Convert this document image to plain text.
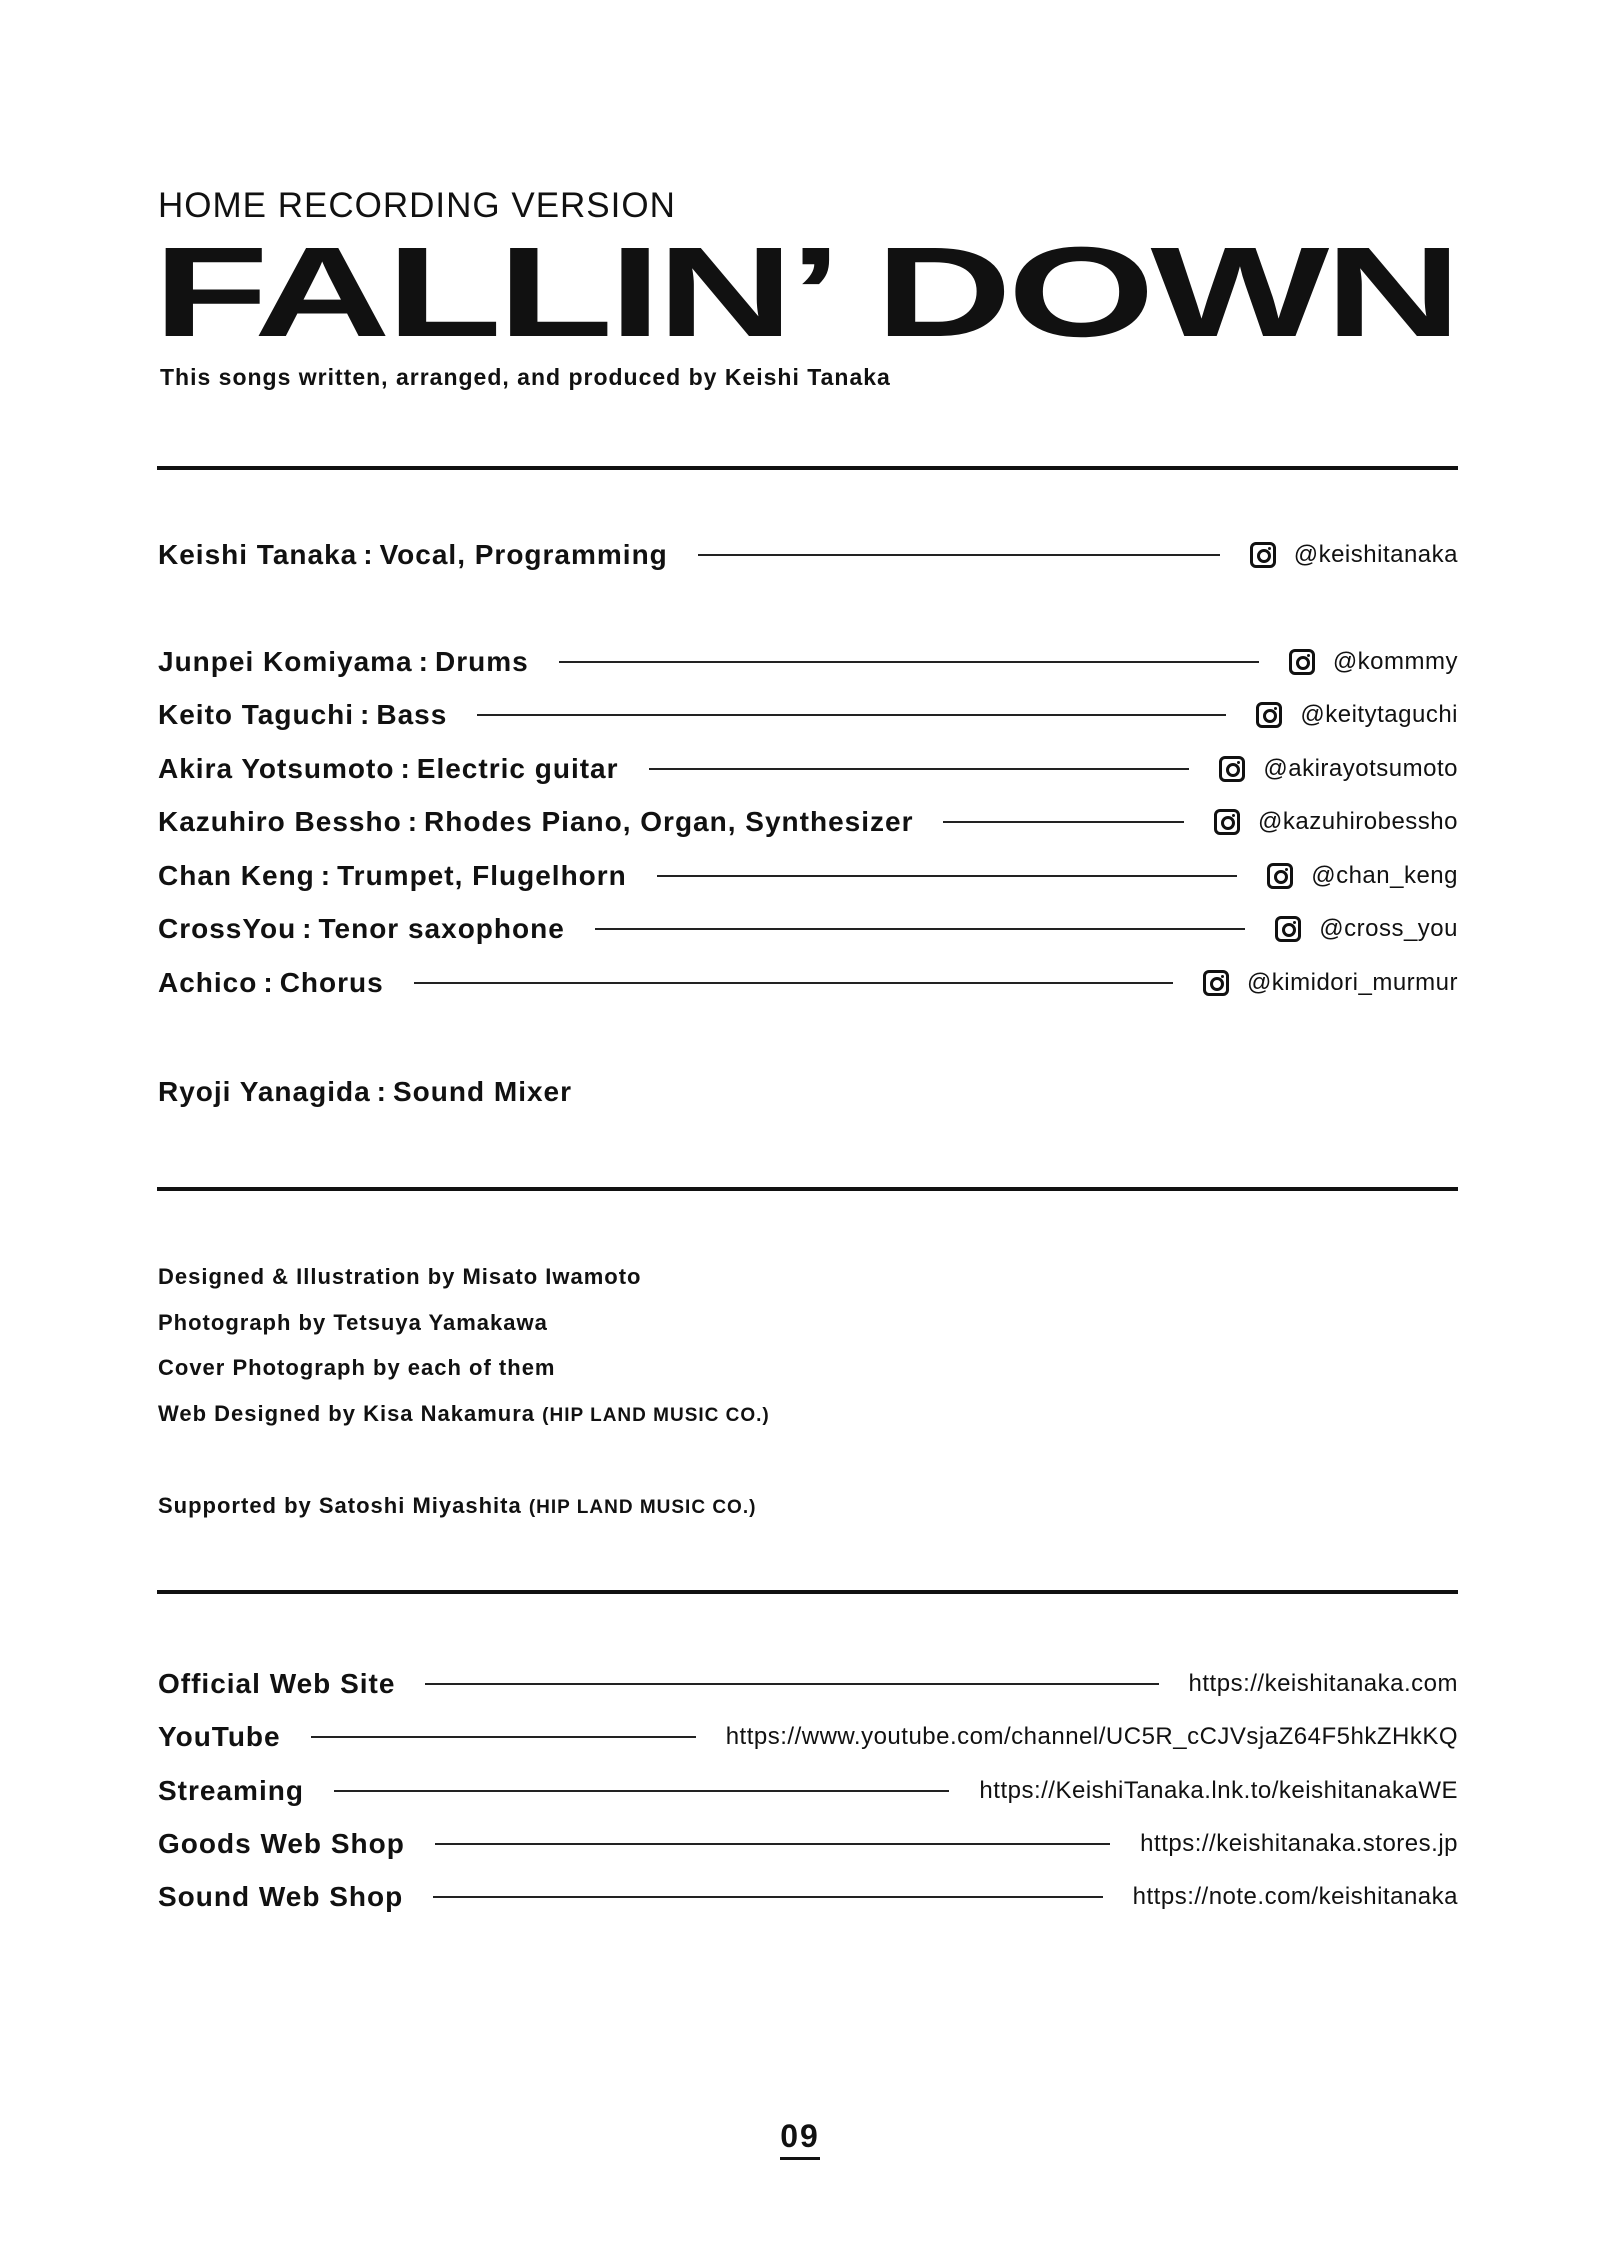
HOME RECORDING VERSION
FALLIN’ DOWN
This songs written, arranged, and produced by Keishi Tanaka
Keishi Tanaka : Vocal, Programming	@keishitanaka
Junpei Komiyama : Drums	@kommmy
Keito Taguchi : Bass	@keitytaguchi
Akira Yotsumoto : Electric guitar	@akirayotsumoto
Kazuhiro Bessho : Rhodes Piano, Organ, Synthesizer	@kazuhirobessho
Chan Keng : Trumpet, Flugelhorn	@chan_keng
CrossYou : Tenor saxophone	@cross_you
Achico : Chorus	@kimidori_murmur
Ryoji Yanagida : Sound Mixer
Designed & Illustration by Misato Iwamoto
Photograph by Tetsuya Yamakawa
Cover Photograph by each of them
Web Designed by Kisa Nakamura (HIP LAND MUSIC CO.)
Supported by Satoshi Miyashita (HIP LAND MUSIC CO.)
Official Web Site	https://keishitanaka.com
YouTube	https://www.youtube.com/channel/UC5R_cCJVsjaZ64F5hkZHkKQ
Streaming	https://KeishiTanaka.lnk.to/keishitanakaWE
Goods Web Shop	https://keishitanaka.stores.jp
Sound Web Shop	https://note.com/keishitanaka
09
